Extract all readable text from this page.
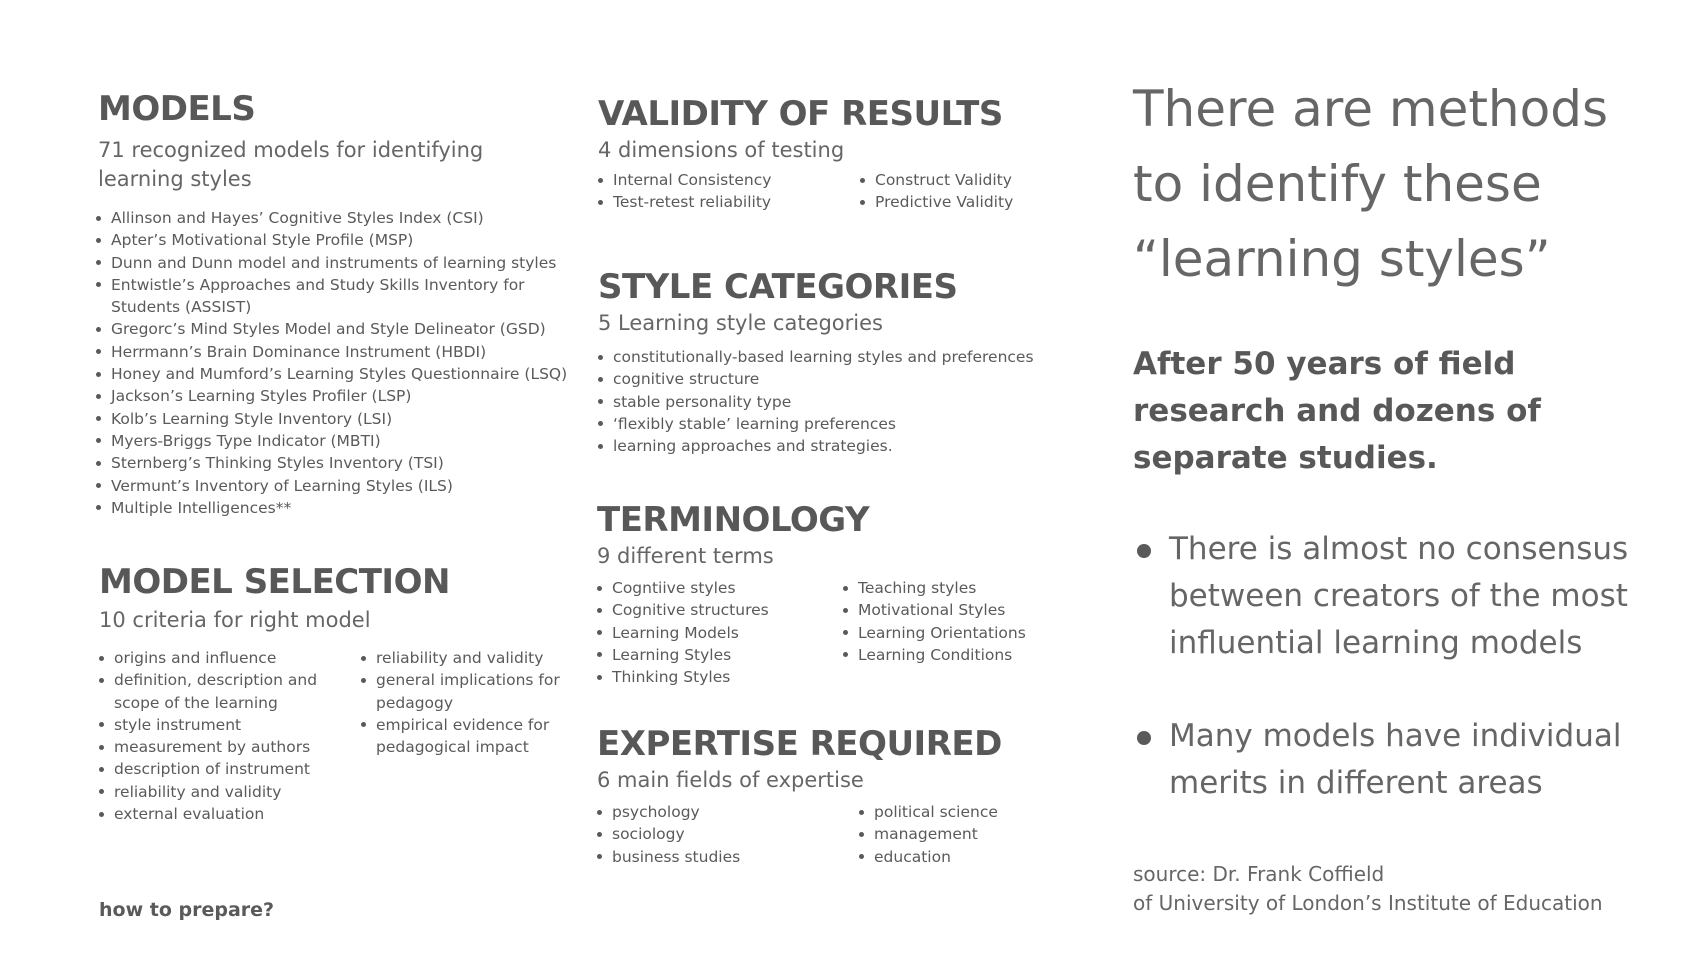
MODELS

71 recognized models for identifying learning styles

Allinson and Hayes’ Cognitive Styles Index (CSI)
Apter’s Motivational Style Profile (MSP)
Dunn and Dunn model and instruments of learning styles
Entwistle’s Approaches and Study Skills Inventory for Students (ASSIST)
Gregorc’s Mind Styles Model and Style Delineator (GSD)
Herrmann’s Brain Dominance Instrument (HBDI)
Honey and Mumford’s Learning Styles Questionnaire (LSQ)
Jackson’s Learning Styles Profiler (LSP)
Kolb’s Learning Style Inventory (LSI)
Myers-Briggs Type Indicator (MBTI)
Sternberg’s Thinking Styles Inventory (TSI)
Vermunt’s Inventory of Learning Styles (ILS)
Multiple Intelligences**
MODEL SELECTION

10 criteria for right model

origins and influence
definition, description and scope of the learning
style instrument
measurement by authors
description of instrument
reliability and validity
external evaluation
reliability and validity
general implications for pedagogy
empirical evidence for pedagogical impact
how to prepare?
VALIDITY OF RESULTS

4 dimensions of testing

Internal Consistency
Test-retest reliability
Construct Validity
Predictive Validity
STYLE CATEGORIES

5 Learning style categories

constitutionally-based learning styles and preferences
cognitive structure
stable personality type
‘flexibly stable’ learning preferences
learning approaches and strategies.
TERMINOLOGY

9 different terms

Cogntiive styles
Cognitive structures
Learning Models
Learning Styles
Thinking Styles
Teaching styles
Motivational Styles
Learning Orientations
Learning Conditions
EXPERTISE REQUIRED

6 main fields of expertise

psychology
sociology
business studies
political science
management
education
There are methods to identify these “learning styles”

After 50 years of field research and dozens of separate studies.

There is almost no consensus between creators of the most influential learning models
Many models have individual merits in different areas
source: Dr. Frank Coffield
of University of London’s Institute of Education
